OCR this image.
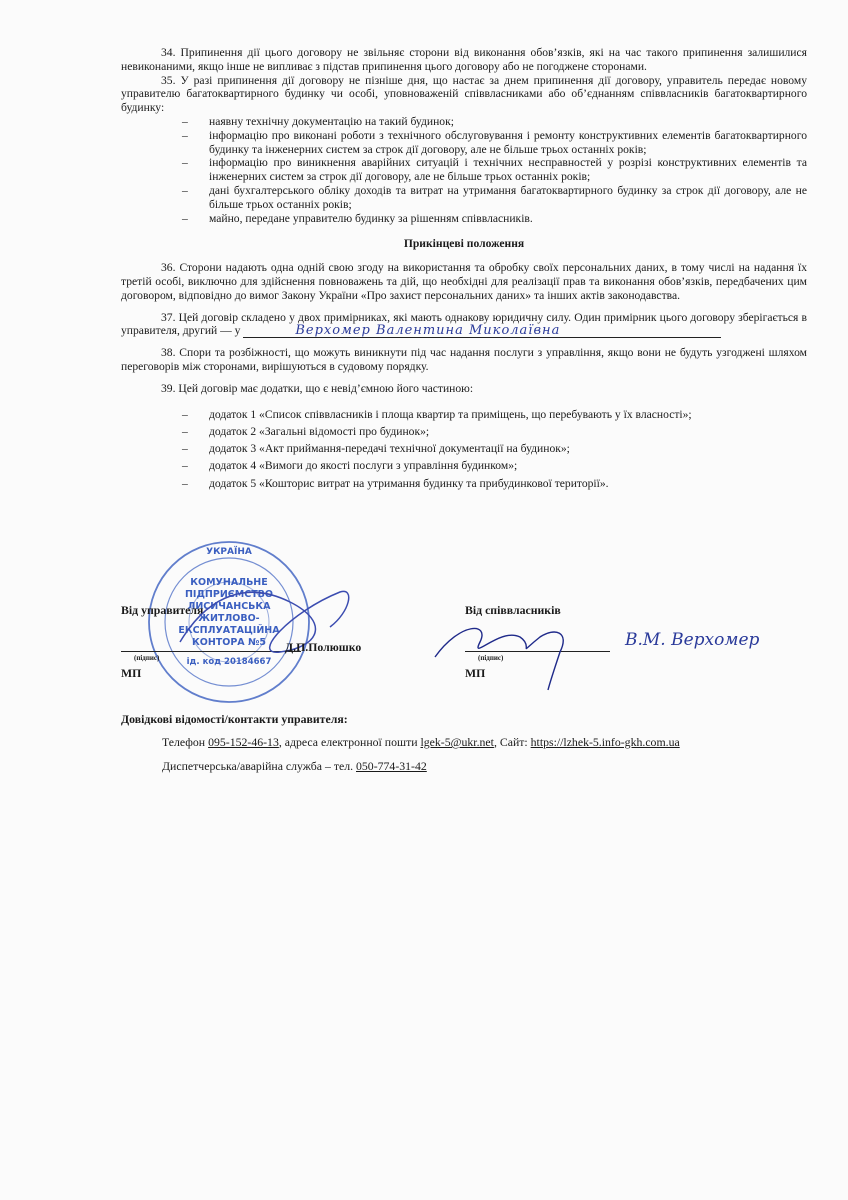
34. Припинення дії цього договору не звільняє сторони від виконання обов’язків, які на час такого припинення залишилися невиконаними, якщо інше не випливає з підстав припинення цього договору або не погоджене сторонами.

35. У разі припинення дії договору не пізніше дня, що настає за днем припинення дії договору, управитель передає новому управителю багатоквартирного будинку чи особі, уповноваженій співвласниками або об’єднанням співвласників багатоквартирного будинку:

– наявну технічну документацію на такий будинок;
– інформацію про виконані роботи з технічного обслуговування і ремонту конструктивних елементів багатоквартирного будинку та інженерних систем за строк дії договору, але не більше трьох останніх років;
– інформацію про виникнення аварійних ситуацій і технічних несправностей у розрізі конструктивних елементів та інженерних систем за строк дії договору, але не більше трьох останніх років;
– дані бухгалтерського обліку доходів та витрат на утримання багатоквартирного будинку за строк дії договору, але не більше трьох останніх років;
– майно, передане управителю будинку за рішенням співвласників.
Прикінцеві положення

36. Сторони надають одна одній свою згоду на використання та обробку своїх персональних даних, в тому числі на надання їх третій особі, виключно для здійснення повноважень та дій, що необхідні для реалізації прав та виконання обов’язків, передбачених цим договором, відповідно до вимог Закону України «Про захист персональних даних» та інших актів законодавства.

37. Цей договір складено у двох примірниках, які мають однакову юридичну силу. Один примірник цього договору зберігається в управителя, другий — у	Верхомер Валентина Миколаївна

38. Спори та розбіжності, що можуть виникнути під час надання послуги з управління, якщо вони не будуть узгоджені шляхом переговорів між сторонами, вирішуються в судовому порядку.

39. Цей договір має додатки, що є невід’ємною його частиною:

– додаток 1 «Список співвласників і площа квартир та приміщень, що перебувають у їх власності»;
– додаток 2 «Загальні відомості про будинок»;
– додаток 3 «Акт приймання-передачі технічної документації на будинок»;
– додаток 4 «Вимоги до якості послуги з управління будинком»;
– додаток 5 «Кошторис витрат на утримання будинку та прибудинкової території».
УКРАЇНА
КОМУНАЛЬНЕ
ПІДПРИЄМСТВО
ЛИСИЧАНСЬКА
ЖИТЛОВО-
ЕКСПЛУАТАЦІЙНА
КОНТОРА №5
ід. код 20184667
Від управителя
(підпис)
Д.П.Полюшко
МП
Від співвласників
(підпис)
В.М. Верхомер
МП
Довідкові відомості/контакти управителя:
Телефон 095-152-46-13, адреса електронної пошти lgek-5@ukr.net, Сайт: https://lzhek-5.info-gkh.com.ua
Диспетчерська/аварійна служба – тел. 050-774-31-42
